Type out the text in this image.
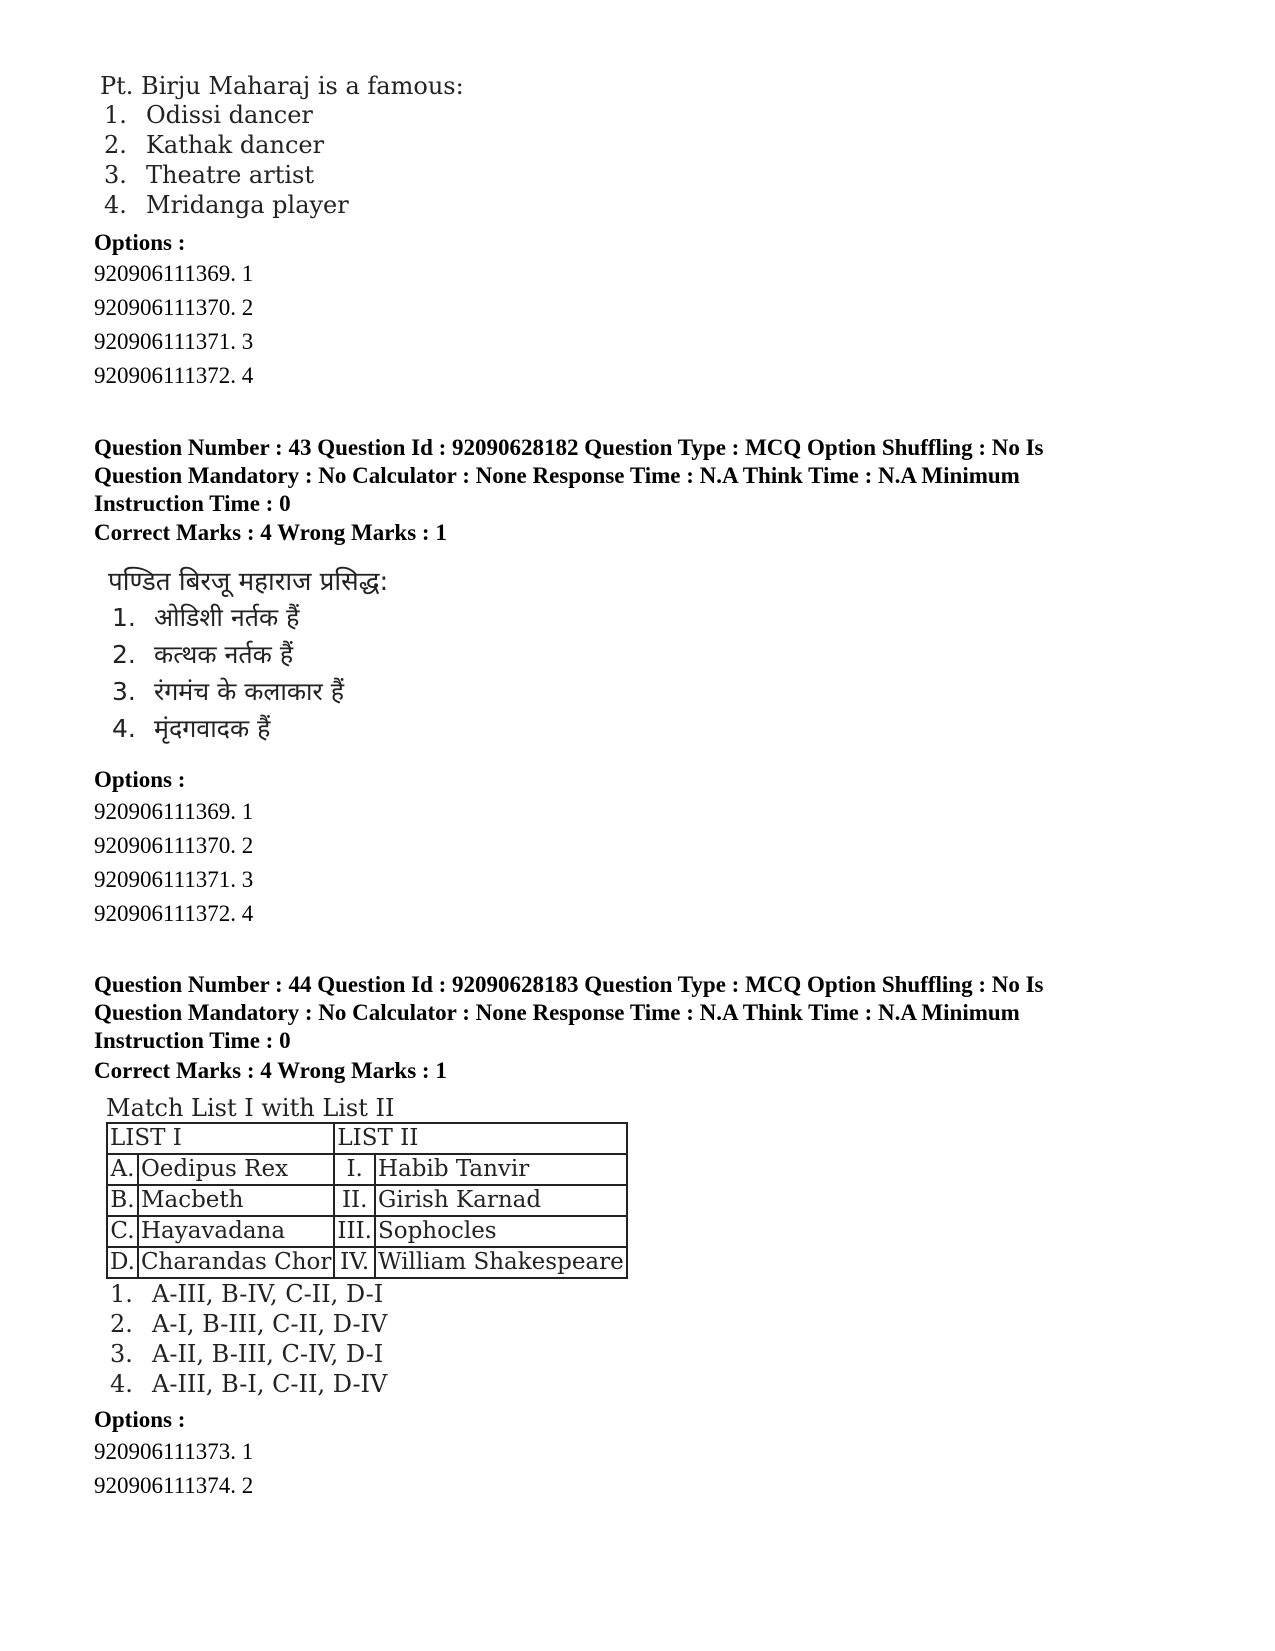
Pt. Birju Maharaj is a famous:
1. Odissi dancer
2. Kathak dancer
3. Theatre artist
4. Mridanga player
Options :
920906111369. 1
920906111370. 2
920906111371. 3
920906111372. 4
Question Number : 43 Question Id : 92090628182 Question Type : MCQ Option Shuffling : No Is
Question Mandatory : No Calculator : None Response Time : N.A Think Time : N.A Minimum
Instruction Time : 0
Correct Marks : 4 Wrong Marks : 1
पण्डित बिरजू महाराज प्रसिद्ध:
1. ओडिशी नर्तक हैं
2. कत्थक नर्तक हैं
3. रंगमंच के कलाकार हैं
4. मृंदगवादक हैं
Options :
920906111369. 1
920906111370. 2
920906111371. 3
920906111372. 4
Question Number : 44 Question Id : 92090628183 Question Type : MCQ Option Shuffling : No Is
Question Mandatory : No Calculator : None Response Time : N.A Think Time : N.A Minimum
Instruction Time : 0
Correct Marks : 4 Wrong Marks : 1
Match List I with List II
LIST I		LIST II	
A.	Oedipus Rex	I.	Habib Tanvir
B.	Macbeth	II.	Girish Karnad
C.	Hayavadana	III.	Sophocles
D.	Charandas Chor	IV.	William Shakespeare
1. A-III, B-IV, C-II, D-I
2. A-I, B-III, C-II, D-IV
3. A-II, B-III, C-IV, D-I
4. A-III, B-I, C-II, D-IV
Options :
920906111373. 1
920906111374. 2
